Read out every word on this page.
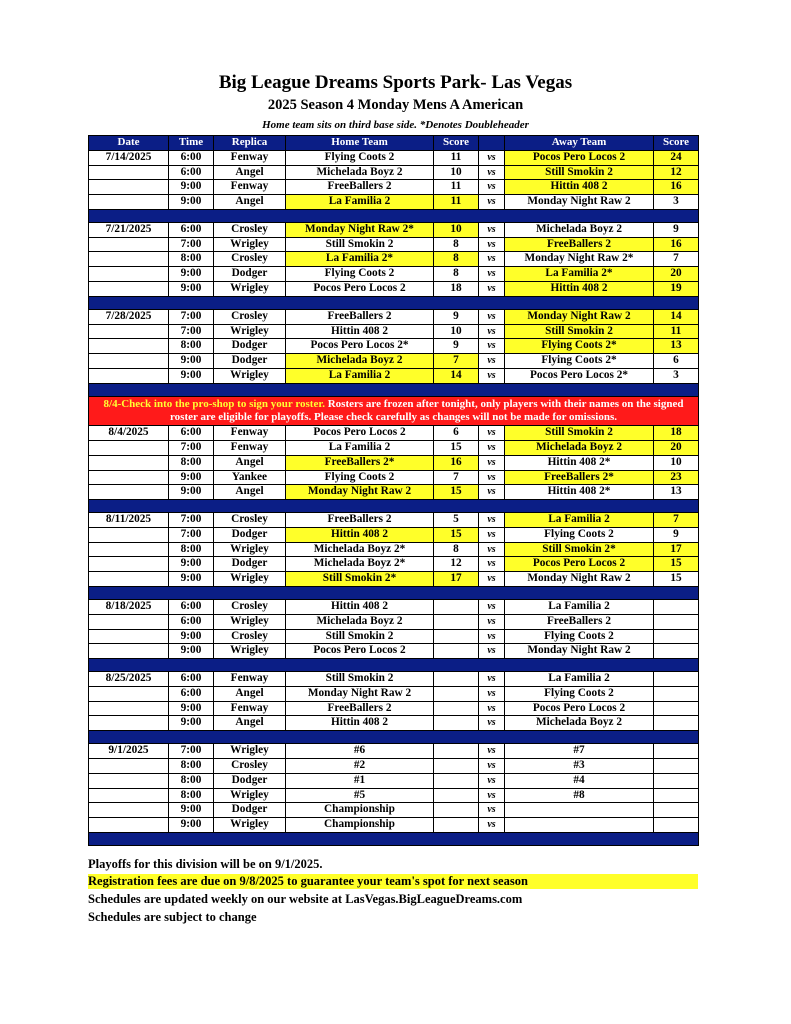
Big League Dreams Sports Park- Las Vegas
2025 Season 4 Monday Mens A American
Home team sits on third base side. *Denotes Doubleheader
Date	Time	Replica	Home Team	Score		Away Team	Score
7/14/2025	6:00	Fenway	Flying Coots 2	11	vs	Pocos Pero Locos 2	24
	6:00	Angel	Michelada Boyz 2	10	vs	Still Smokin 2	12
	9:00	Fenway	FreeBallers 2	11	vs	Hittin 408 2	16
	9:00	Angel	La Familia 2	11	vs	Monday Night Raw 2	3

7/21/2025	6:00	Crosley	Monday Night Raw 2*	10	vs	Michelada Boyz 2	9
	7:00	Wrigley	Still Smokin 2	8	vs	FreeBallers 2	16
	8:00	Crosley	La Familia 2*	8	vs	Monday Night Raw 2*	7
	9:00	Dodger	Flying Coots 2	8	vs	La Familia 2*	20
	9:00	Wrigley	Pocos Pero Locos 2	18	vs	Hittin 408 2	19

7/28/2025	7:00	Crosley	FreeBallers 2	9	vs	Monday Night Raw 2	14
	7:00	Wrigley	Hittin 408 2	10	vs	Still Smokin 2	11
	8:00	Dodger	Pocos Pero Locos 2*	9	vs	Flying Coots 2*	13
	9:00	Dodger	Michelada Boyz 2	7	vs	Flying Coots 2*	6
	9:00	Wrigley	La Familia 2	14	vs	Pocos Pero Locos 2*	3

8/4-Check into the pro-shop to sign your roster. Rosters are frozen after tonight, only players with their names on the signed roster are eligible for playoffs. Please check carefully as changes will not be made for omissions.							
8/4/2025	6:00	Fenway	Pocos Pero Locos 2	6	vs	Still Smokin 2	18
	7:00	Fenway	La Familia 2	15	vs	Michelada Boyz 2	20
	8:00	Angel	FreeBallers 2*	16	vs	Hittin 408 2*	10
	9:00	Yankee	Flying Coots 2	7	vs	FreeBallers 2*	23
	9:00	Angel	Monday Night Raw 2	15	vs	Hittin 408 2*	13

8/11/2025	7:00	Crosley	FreeBallers 2	5	vs	La Familia 2	7
	7:00	Dodger	Hittin 408 2	15	vs	Flying Coots 2	9
	8:00	Wrigley	Michelada Boyz 2*	8	vs	Still Smokin 2*	17
	9:00	Dodger	Michelada Boyz 2*	12	vs	Pocos Pero Locos 2	15
	9:00	Wrigley	Still Smokin 2*	17	vs	Monday Night Raw 2	15

8/18/2025	6:00	Crosley	Hittin 408 2		vs	La Familia 2	
	6:00	Wrigley	Michelada Boyz 2		vs	FreeBallers 2	
	9:00	Crosley	Still Smokin 2		vs	Flying Coots 2	
	9:00	Wrigley	Pocos Pero Locos 2		vs	Monday Night Raw 2	

8/25/2025	6:00	Fenway	Still Smokin 2		vs	La Familia 2	
	6:00	Angel	Monday Night Raw 2		vs	Flying Coots 2	
	9:00	Fenway	FreeBallers 2		vs	Pocos Pero Locos 2	
	9:00	Angel	Hittin 408 2		vs	Michelada Boyz 2	

9/1/2025	7:00	Wrigley	#6		vs	#7	
	8:00	Crosley	#2		vs	#3	
	8:00	Dodger	#1		vs	#4	
	8:00	Wrigley	#5		vs	#8	
	9:00	Dodger	Championship		vs		
	9:00	Wrigley	Championship		vs		

Playoffs for this division will be on 9/1/2025.
Registration fees are due on 9/8/2025 to guarantee your team's spot for next season
Schedules are updated weekly on our website at LasVegas.BigLeagueDreams.com
Schedules are subject to change
